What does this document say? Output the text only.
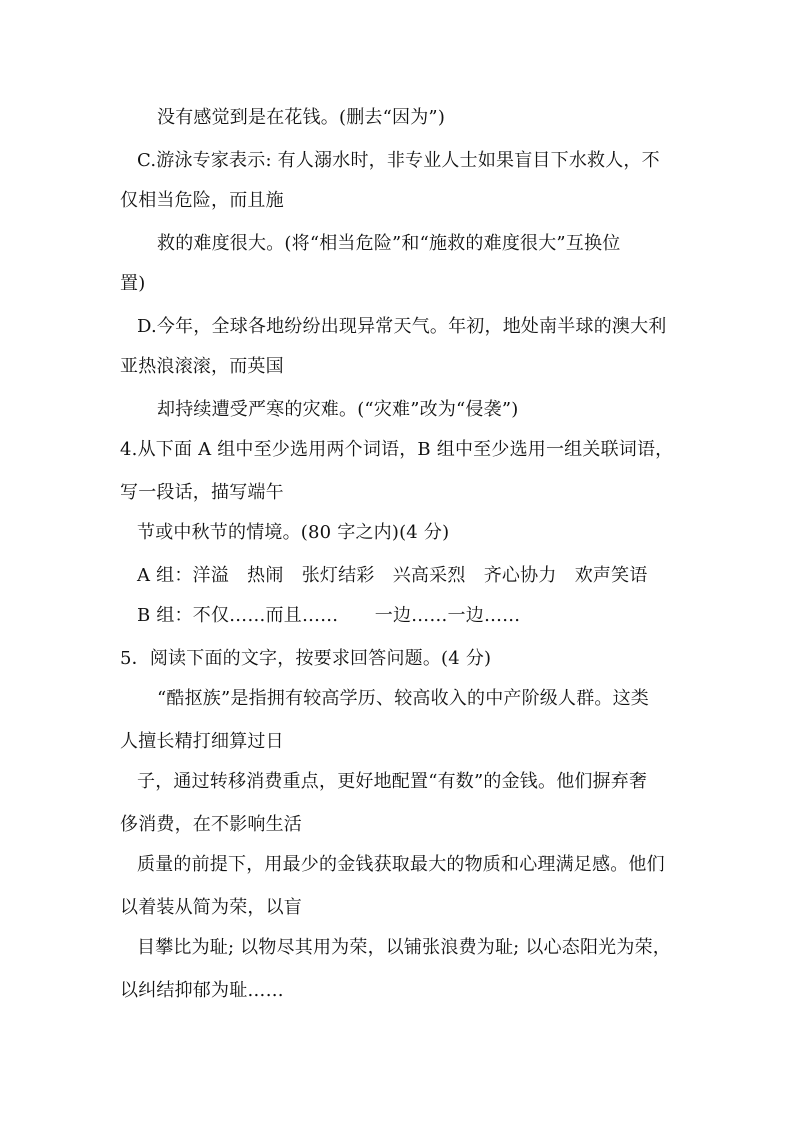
没有感觉到是在花钱。(删去“因为”)
C.游泳专家表示: 有人溺水时，非专业人士如果盲目下水救人，不
仅相当危险，而且施
救的难度很大。(将“相当危险”和“施救的难度很大”互换位
置)
D.今年，全球各地纷纷出现异常天气。年初，地处南半球的澳大利
亚热浪滚滚，而英国
却持续遭受严寒的灾难。(“灾难”改为“侵袭”)
4.从下面 A 组中至少选用两个词语，B 组中至少选用一组关联词语，
写一段话，描写端午
节或中秋节的情境。(80 字之内)(4 分)
A 组：洋溢　热闹　张灯结彩　兴高采烈　齐心协力　欢声笑语
B 组：不仅……而且……　　一边……一边……
5．阅读下面的文字，按要求回答问题。(4 分)
“酷抠族”是指拥有较高学历、较高收入的中产阶级人群。这类
人擅长精打细算过日
子，通过转移消费重点，更好地配置“有数”的金钱。他们摒弃奢
侈消费，在不影响生活
质量的前提下，用最少的金钱获取最大的物质和心理满足感。他们
以着装从简为荣，以盲
目攀比为耻; 以物尽其用为荣，以铺张浪费为耻; 以心态阳光为荣，
以纠结抑郁为耻……
